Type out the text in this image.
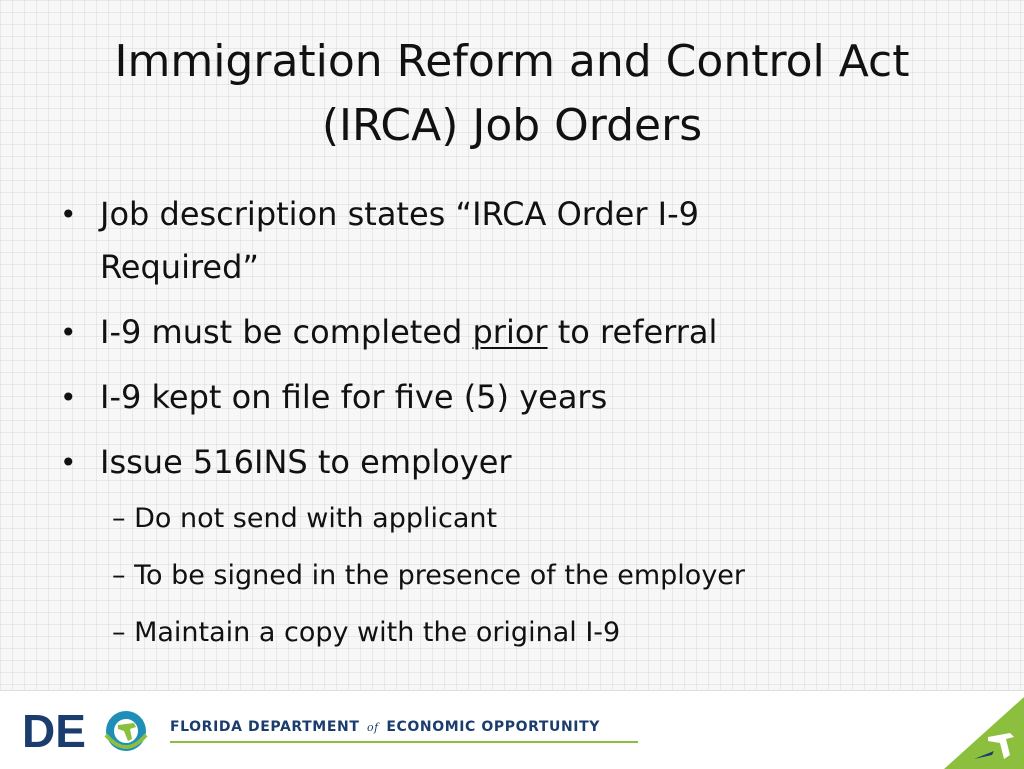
Immigration Reform and Control Act
(IRCA) Job Orders
• Job description states “IRCA Order I-9
Required”
• I-9 must be completed prior to referral
• I-9 kept on file for five (5) years
• Issue 516INS to employer
– Do not send with applicant
– To be signed in the presence of the employer
– Maintain a copy with the original I-9
DE	FLORIDA DEPARTMENT of ECONOMIC OPPORTUNITY
